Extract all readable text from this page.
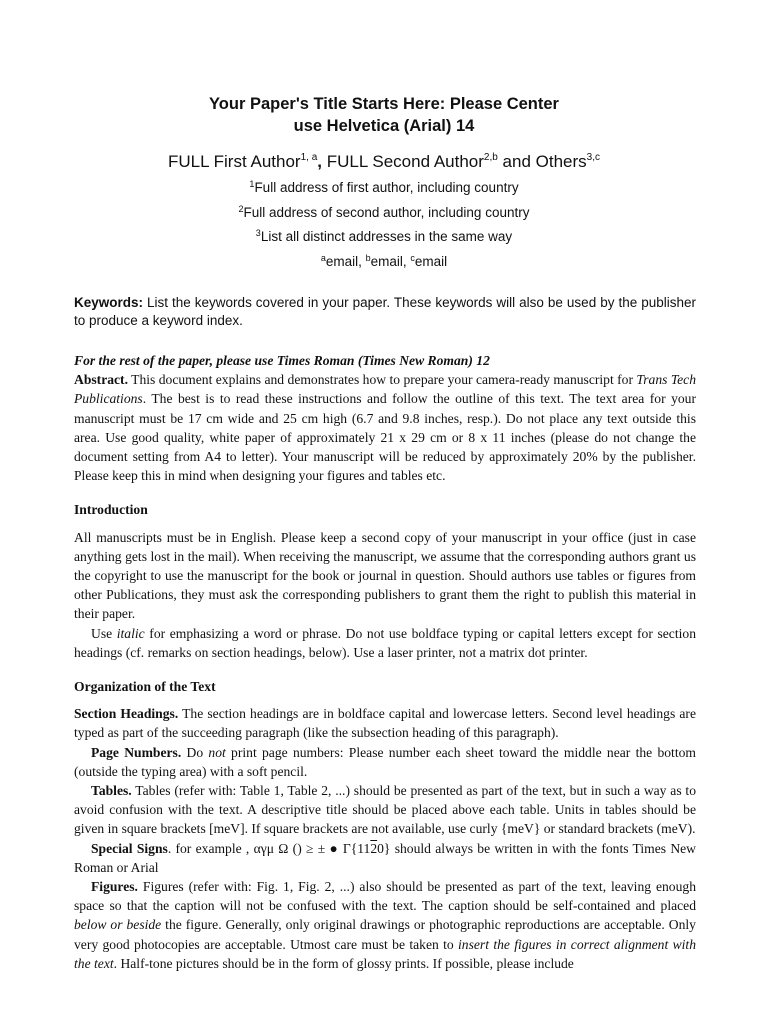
Your Paper's Title Starts Here: Please Center
use Helvetica (Arial) 14
FULL First Author$^{1, a}$, FULL Second Author$^{2,b}$ and Others$^{3,c}$
$^1$Full address of first author, including country
$^2$Full address of second author, including country
$^3$List all distinct addresses in the same way
$^a$email, $^b$email, $^c$email
Keywords: List the keywords covered in your paper. These keywords will also be used by the publisher to produce a keyword index.

For the rest of the paper, please use Times Roman (Times New Roman) 12

Abstract. This document explains and demonstrates how to prepare your camera-ready manuscript for Trans Tech Publications. The best is to read these instructions and follow the outline of this text. The text area for your manuscript must be 17 cm wide and 25 cm high (6.7 and 9.8 inches, resp.). Do not place any text outside this area. Use good quality, white paper of approximately 21 x 29 cm or 8 x 11 inches (please do not change the document setting from A4 to letter). Your manuscript will be reduced by approximately 20% by the publisher. Please keep this in mind when designing your figures and tables etc.

Introduction

All manuscripts must be in English. Please keep a second copy of your manuscript in your office (just in case anything gets lost in the mail). When receiving the manuscript, we assume that the corresponding authors grant us the copyright to use the manuscript for the book or journal in question. Should authors use tables or figures from other Publications, they must ask the corresponding publishers to grant them the right to publish this material in their paper.

Use italic for emphasizing a word or phrase. Do not use boldface typing or capital letters except for section headings (cf. remarks on section headings, below). Use a laser printer, not a matrix dot printer.

Organization of the Text

Section Headings. The section headings are in boldface capital and lowercase letters. Second level headings are typed as part of the succeeding paragraph (like the subsection heading of this paragraph).

Page Numbers. Do not print page numbers: Please number each sheet toward the middle near the bottom (outside the typing area) with a soft pencil.

Tables. Tables (refer with: Table 1, Table 2, ...) should be presented as part of the text, but in such a way as to avoid confusion with the text. A descriptive title should be placed above each table. Units in tables should be given in square brackets [meV]. If square brackets are not available, use curly {meV} or standard brackets (meV).

Special Signs. for example , αγμ Ω () ≥ ± ● Γ{1120} should always be written in with the fonts Times New Roman or Arial

Figures. Figures (refer with: Fig. 1, Fig. 2, ...) also should be presented as part of the text, leaving enough space so that the caption will not be confused with the text. The caption should be self-contained and placed below or beside the figure. Generally, only original drawings or photographic reproductions are acceptable. Only very good photocopies are acceptable. Utmost care must be taken to insert the figures in correct alignment with the text. Half-tone pictures should be in the form of glossy prints. If possible, please include
